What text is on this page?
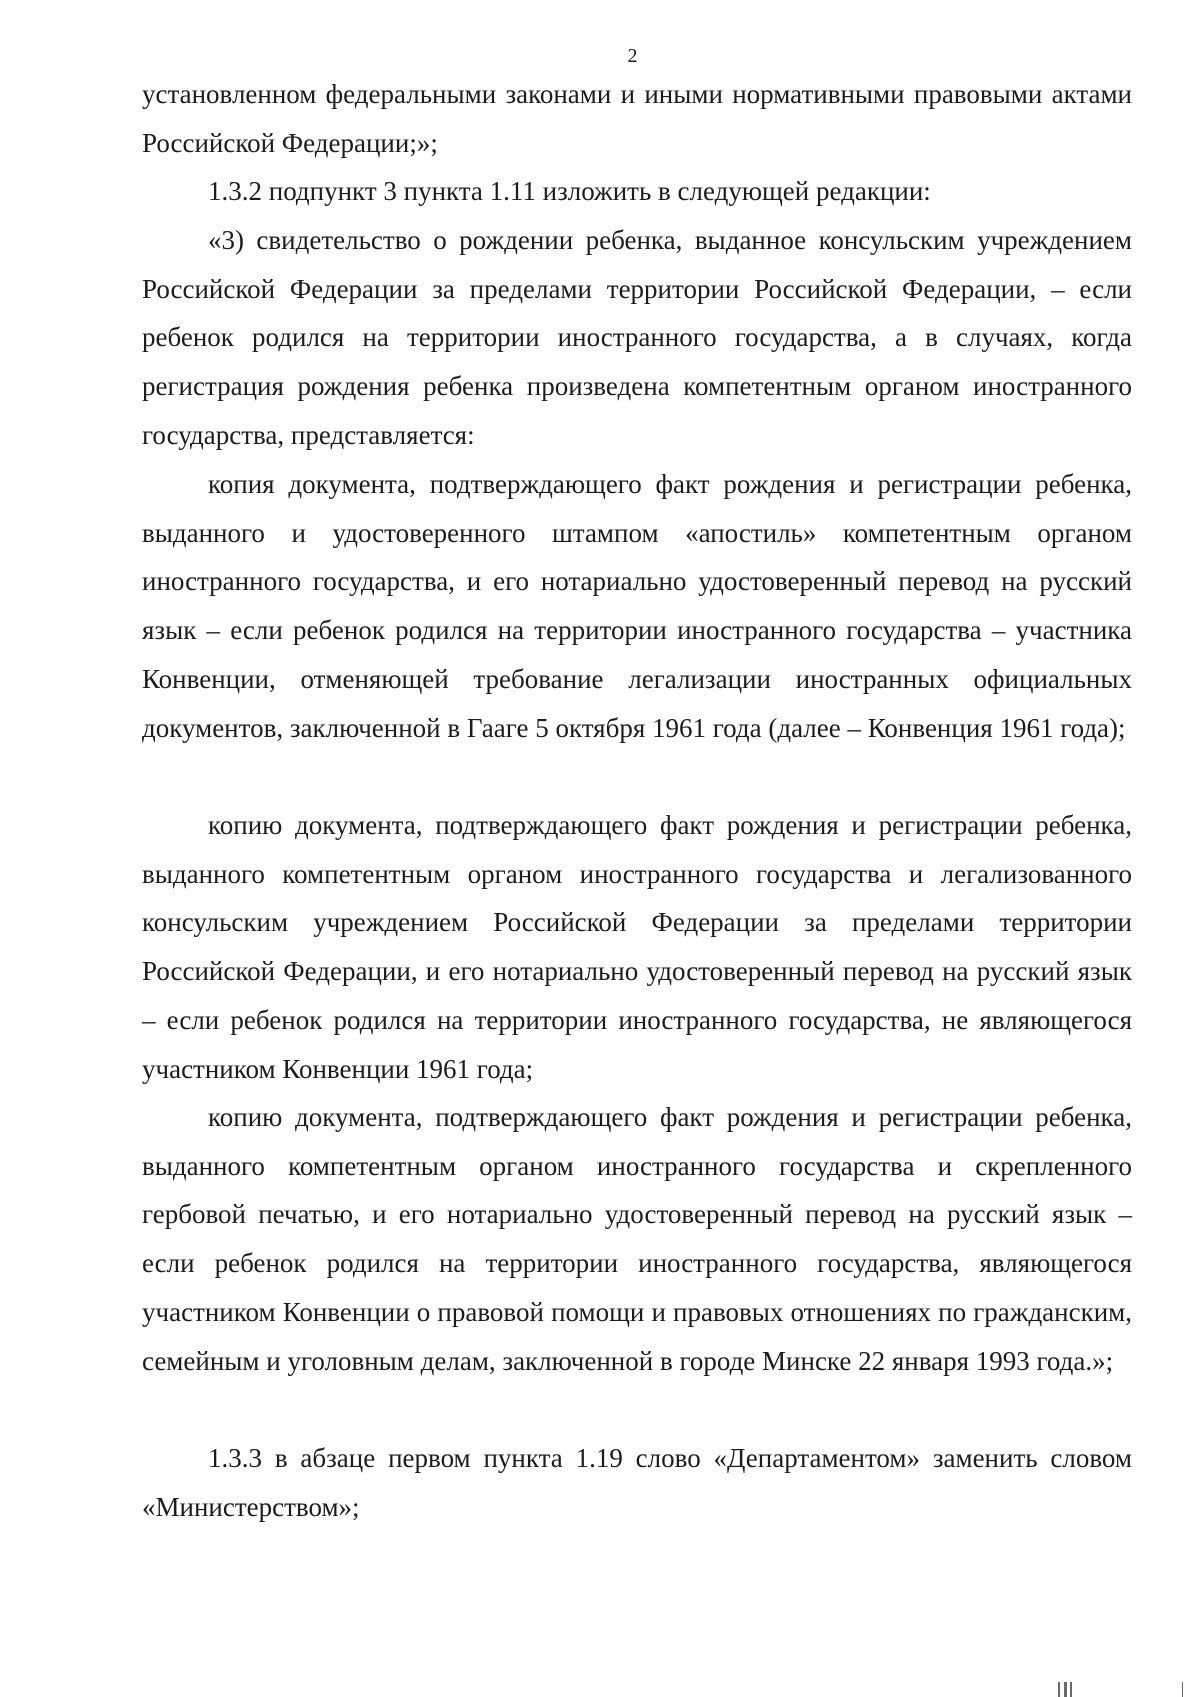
2

установленном федеральными законами и иными нормативными правовыми актами Российской Федерации;»;

1.3.2 подпункт 3 пункта 1.11 изложить в следующей редакции:

«3) свидетельство о рождении ребенка, выданное консульским учреждением Российской Федерации за пределами территории Российской Федерации, – если ребенок родился на территории иностранного государства, а в случаях, когда регистрация рождения ребенка произведена компетентным органом иностранного государства, представляется:

копия документа, подтверждающего факт рождения и регистрации ребенка, выданного и удостоверенного штампом «апостиль» компетентным органом иностранного государства, и его нотариально удостоверенный перевод на русский язык – если ребенок родился на территории иностранного государства – участника Конвенции, отменяющей требование легализации иностранных официальных документов, заключенной в Гааге 5 октября 1961 года (далее – Конвенция 1961 года);

копию документа, подтверждающего факт рождения и регистрации ребенка, выданного компетентным органом иностранного государства и легализованного консульским учреждением Российской Федерации за пределами территории Российской Федерации, и его нотариально удостоверенный перевод на русский язык – если ребенок родился на территории иностранного государства, не являющегося участником Конвенции 1961 года;

копию документа, подтверждающего факт рождения и регистрации ребенка, выданного компетентным органом иностранного государства и скрепленного гербовой печатью, и его нотариально удостоверенный перевод на русский язык – если ребенок родился на территории иностранного государства, являющегося участником Конвенции о правовой помощи и правовых отношениях по гражданским, семейным и уголовным делам, заключенной в городе Минске 22 января 1993 года.»;

1.3.3 в абзаце первом пункта 1.19 слово «Департаментом» заменить словом «Министерством»;
